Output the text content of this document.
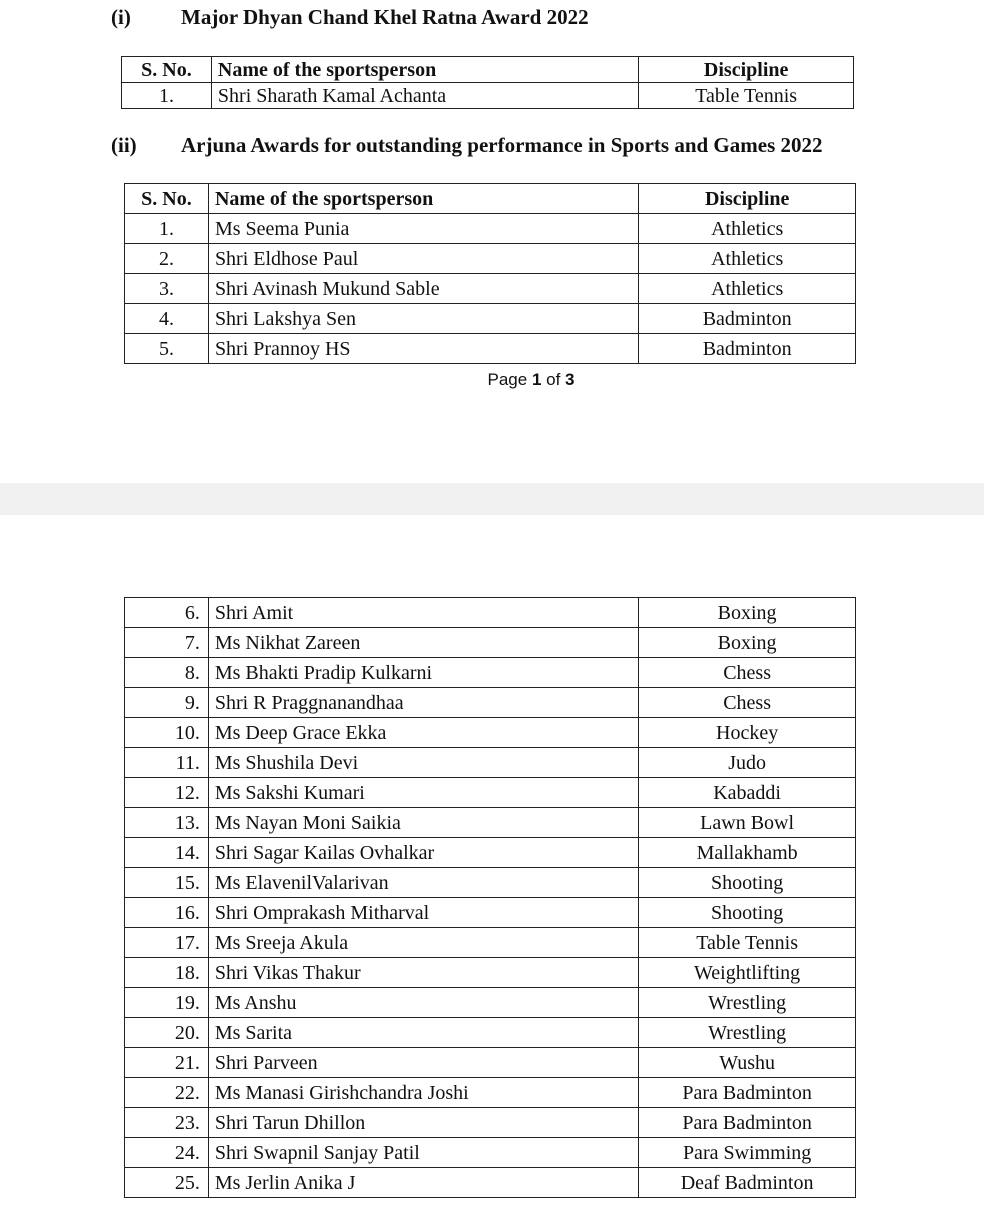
(i) Major Dhyan Chand Khel Ratna Award 2022
S. No.	Name of the sportsperson	Discipline
1.	Shri Sharath Kamal Achanta	Table Tennis
(ii) Arjuna Awards for outstanding performance in Sports and Games 2022
S. No.	Name of the sportsperson	Discipline
1.	Ms Seema Punia	Athletics
2.	Shri Eldhose Paul	Athletics
3.	Shri Avinash Mukund Sable	Athletics
4.	Shri Lakshya Sen	Badminton
5.	Shri Prannoy HS	Badminton
Page 1 of 3
6.	Shri Amit	Boxing
7.	Ms Nikhat Zareen	Boxing
8.	Ms Bhakti Pradip Kulkarni	Chess
9.	Shri R Praggnanandhaa	Chess
10.	Ms Deep Grace Ekka	Hockey
11.	Ms Shushila Devi	Judo
12.	Ms Sakshi Kumari	Kabaddi
13.	Ms Nayan Moni Saikia	Lawn Bowl
14.	Shri Sagar Kailas Ovhalkar	Mallakhamb
15.	Ms ElavenilValarivan	Shooting
16.	Shri Omprakash Mitharval	Shooting
17.	Ms Sreeja Akula	Table Tennis
18.	Shri Vikas Thakur	Weightlifting
19.	Ms Anshu	Wrestling
20.	Ms Sarita	Wrestling
21.	Shri Parveen	Wushu
22.	Ms Manasi Girishchandra Joshi	Para Badminton
23.	Shri Tarun Dhillon	Para Badminton
24.	Shri Swapnil Sanjay Patil	Para Swimming
25.	Ms Jerlin Anika J	Deaf Badminton
